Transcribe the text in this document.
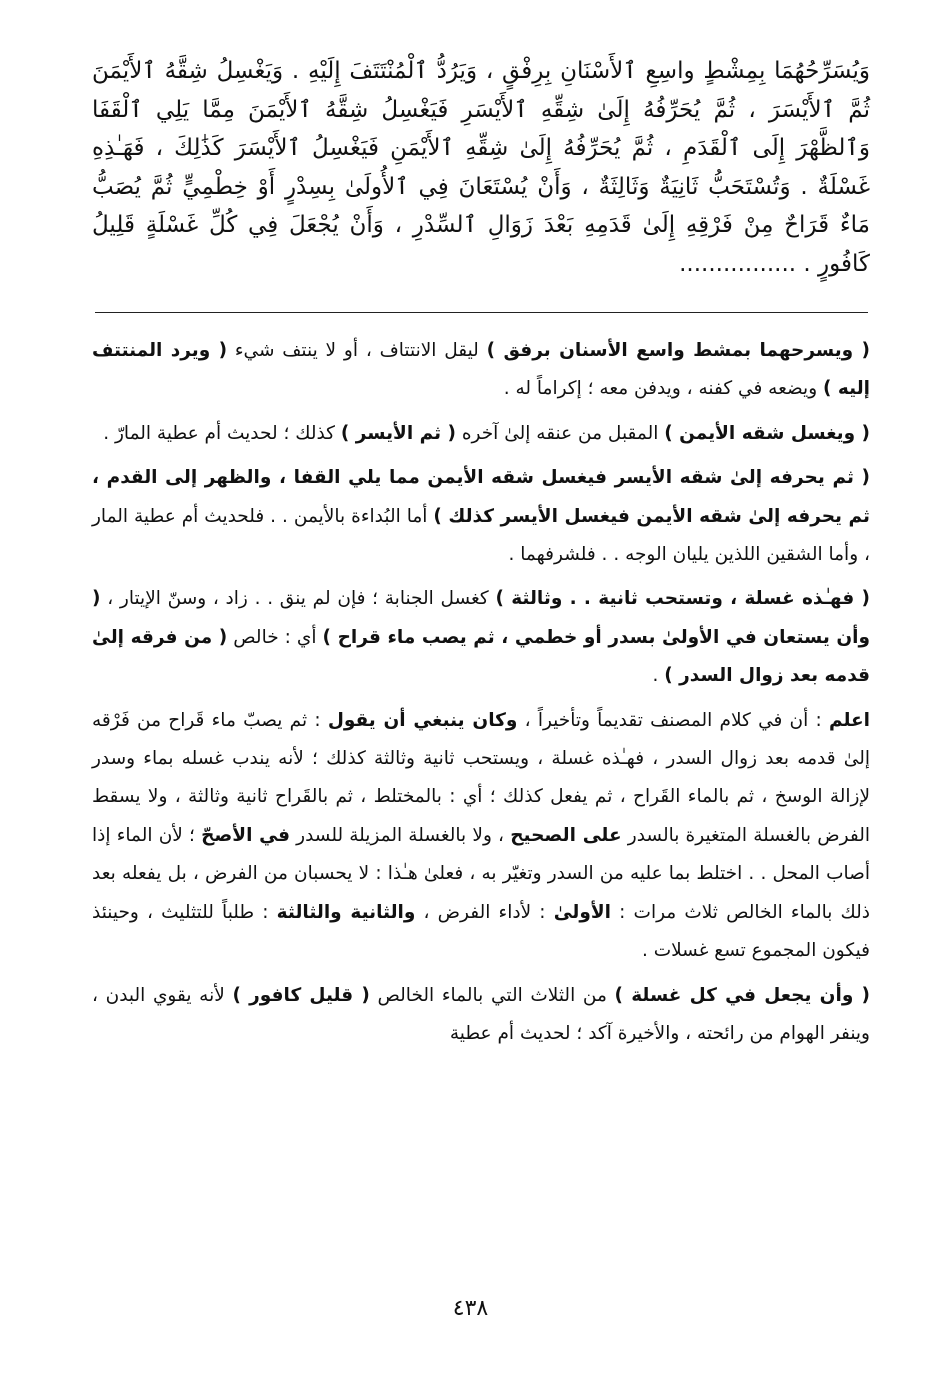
وَيُسَرِّحُهُمَا بِمِشْطٍ واسِعِ ٱلأَسْنَانِ بِرِفْقٍ ، وَيَرُدُّ ٱلْمُنْتَتَفَ إِلَيْهِ . وَيَغْسِلُ شِقَّهُ ٱلأَيْمَنَ ثُمَّ ٱلأَيْسَرَ ، ثُمَّ يُحَرِّفُهُ إِلَىٰ شِقِّهِ ٱلأَيْسَرِ فَيَغْسِلُ شِقَّهُ ٱلأَيْمَنَ مِمَّا يَلِي ٱلْقَفَا وَٱلظَّهْرَ إِلَى ٱلْقَدَمِ ، ثُمَّ يُحَرِّفُهُ إِلَىٰ شِقِّهِ ٱلأَيْمَنِ فَيَغْسِلُ ٱلأَيْسَرَ كَذَٰلِكَ ، فَهَـٰذِهِ غَسْلَةٌ . وَتُسْتَحَبُّ ثَانِيَةٌ وَثَالِثَةٌ ، وَأَنْ يُسْتَعَانَ فِي ٱلأُولَىٰ بِسِدْرٍ أَوْ خِطْمِيٍّ ثُمَّ يُصَبُّ مَاءٌ قَرَاحٌ مِنْ فَرْقِهِ إِلَىٰ قَدَمِهِ بَعْدَ زَوَالِ ٱلسِّدْرِ ، وَأَنْ يُجْعَلَ فِي كُلِّ غَسْلَةٍ قَلِيلُ كَافُورٍ . ................

( ويسرحهما بمشط واسع الأسنان برفق ) ليقل الانتتاف ، أو لا ينتف شيء ( ويرد المنتتف إليه ) ويضعه في كفنه ، ويدفن معه ؛ إكراماً له .

( ويغسل شقه الأيمن ) المقبل من عنقه إلىٰ آخره ( ثم الأيسر ) كذلك ؛ لحديث أم عطية المارّ .

( ثم يحرفه إلىٰ شقه الأيسر فيغسل شقه الأيمن مما يلي القفا ، والظهر إلى القدم ، ثم يحرفه إلىٰ شقه الأيمن فيغسل الأيسر كذلك ) أما البُداءة بالأيمن . . فلحديث أم عطية المار ، وأما الشقين اللذين يليان الوجه . . فلشرفهما .

( فهـٰذه غسلة ، وتستحب ثانية . . وثالثة ) كغسل الجنابة ؛ فإن لم ينق . . زاد ، وسنّ الإيتار ، ( وأن يستعان في الأولىٰ بسدر أو خطمي ، ثم يصب ماء قراح ) أي : خالص ( من فرقه إلىٰ قدمه بعد زوال السدر ) .

اعلم : أن في كلام المصنف تقديماً وتأخيراً ، وكان ينبغي أن يقول : ثم يصبّ ماء قَراح من فَرْقه إلىٰ قدمه بعد زوال السدر ، فهـٰذه غسلة ، ويستحب ثانية وثالثة كذلك ؛ لأنه يندب غسله بماء وسدر لإزالة الوسخ ، ثم بالماء القَراح ، ثم يفعل كذلك ؛ أي : بالمختلط ، ثم بالقَراح ثانية وثالثة ، ولا يسقط الفرض بالغسلة المتغيرة بالسدر على الصحيح ، ولا بالغسلة المزيلة للسدر في الأصحّ ؛ لأن الماء إذا أصاب المحل . . اختلط بما عليه من السدر وتغيّر به ، فعلىٰ هـٰذا : لا يحسبان من الفرض ، بل يفعله بعد ذلك بالماء الخالص ثلاث مرات : الأولىٰ : لأداء الفرض ، والثانية والثالثة : طلباً للتثليث ، وحينئذ فيكون المجموع تسع غسلات .

( وأن يجعل في كل غسلة ) من الثلاث التي بالماء الخالص ( قليل كافور ) لأنه يقوي البدن ، وينفر الهوام من رائحته ، والأخيرة آكد ؛ لحديث أم عطية

٤٣٨
